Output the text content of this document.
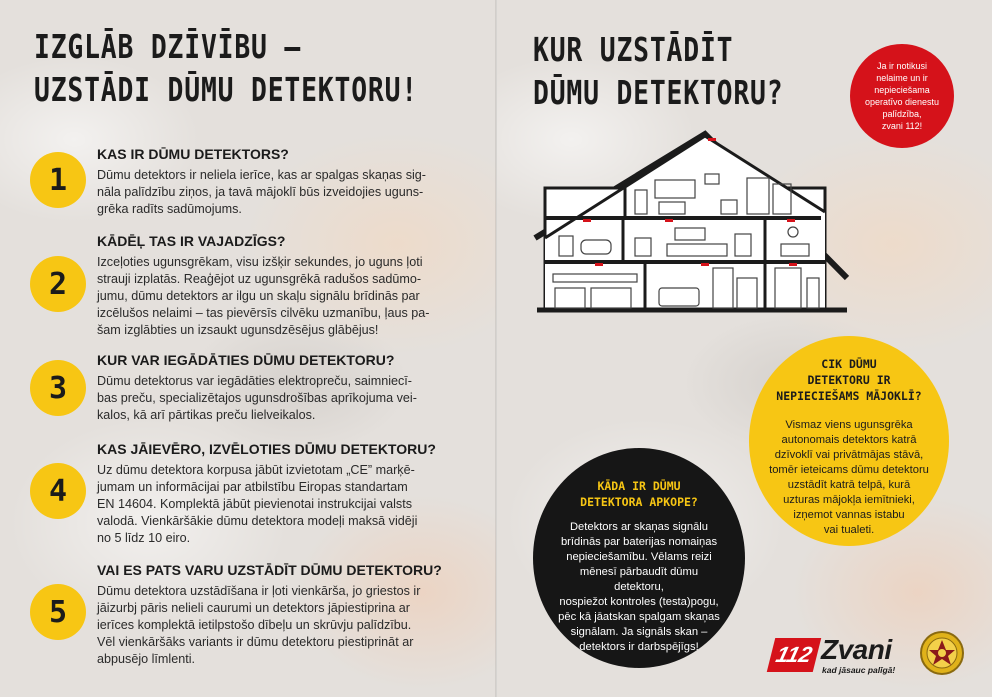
IZGLĀB DZĪVĪBU –
UZSTĀDI DŪMU DETEKTORU!
1
KAS IR DŪMU DETEKTORS?
Dūmu detektors ir neliela ierīce, kas ar spalgas skaņas sig-
nāla palīdzību ziņos, ja tavā mājoklī būs izveidojies uguns-
grēka radīts sadūmojums.
2
KĀDĒĻ TAS IR VAJADZĪGS?
Izceļoties ugunsgrēkam, visu izšķir sekundes, jo uguns ļoti
strauji izplatās. Reaģējot uz ugunsgrēkā radušos sadūmo-
jumu, dūmu detektors ar ilgu un skaļu signālu brīdinās par
izcēlušos nelaimi – tas pievērsīs cilvēku uzmanību, ļaus pa-
šam izglābties un izsaukt ugunsdzēsējus glābējus!
3
KUR VAR IEGĀDĀTIES DŪMU DETEKTORU?
Dūmu detektorus var iegādāties elektropreču, saimniecī-
bas preču, specializētajos ugunsdrošības aprīkojuma vei-
kalos, kā arī pārtikas preču lielveikalos.
4
KAS JĀIEVĒRO, IZVĒLOTIES DŪMU DETEKTORU?
Uz dūmu detektora korpusa jābūt izvietotam „CE” marķē-
jumam un informācijai par atbilstību Eiropas standartam
EN 14604. Komplektā jābūt pievienotai instrukcijai valsts
valodā. Vienkāršākie dūmu detektora modeļi maksā vidēji
no 5 līdz 10 eiro.
5
VAI ES PATS VARU UZSTĀDĪT DŪMU DETEKTORU?
Dūmu detektora uzstādīšana ir ļoti vienkārša, jo griestos ir
jāizurbj pāris nelieli caurumi un detektors jāpiestiprina ar
ierīces komplektā ietilpstošo dībeļu un skrūvju palīdzību.
Vēl vienkāršāks variants ir dūmu detektoru piestiprināt ar
abpusējo līmlenti.
KUR UZSTĀDĪT
DŪMU DETEKTORU?
Ja ir notikusi
nelaime un ir
nepieciešama
operatīvo dienestu
palīdzība,
zvani 112!
CIK DŪMU
DETEKTORU IR
NEPIECIEŠAMS MĀJOKLĪ?
Vismaz viens ugunsgrēka
autonomais detektors katrā
dzīvoklī vai privātmājas stāvā,
tomēr ieteicams dūmu detektoru
uzstādīt katrā telpā, kurā
uzturas mājokļa iemītnieki,
izņemot vannas istabu
vai tualeti.
KĀDA IR DŪMU
DETEKTORA APKOPE?
Detektors ar skaņas signālu
brīdinās par baterijas nomaiņas
nepieciešamību. Vēlams reizi
mēnesī pārbaudīt dūmu detektoru,
nospiežot kontroles (testa)pogu,
pēc kā jāatskan spalgam skaņas
signālam. Ja signāls skan –
detektors ir darbspējīgs!	112 Zvani
kad jāsauc palīgā!
